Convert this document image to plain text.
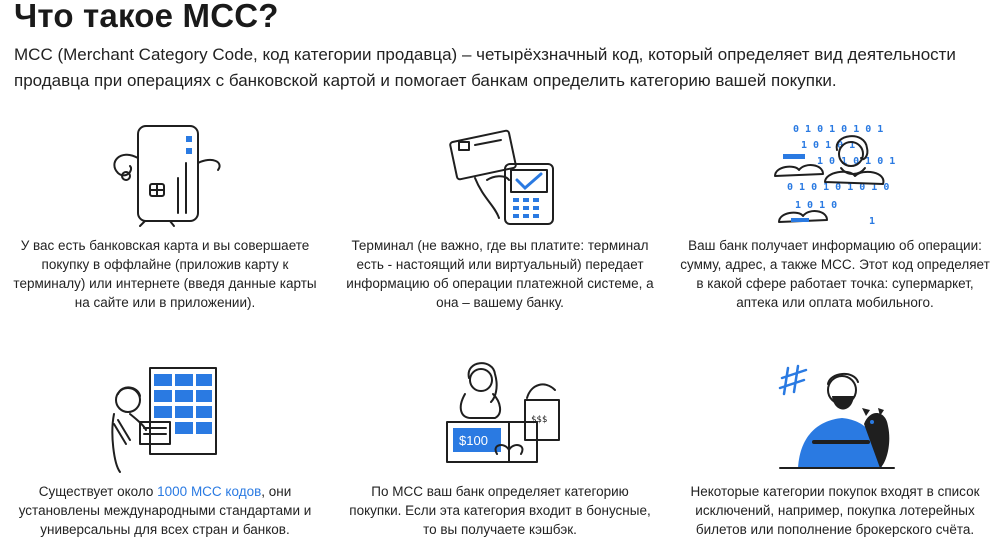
Что такое МСС?

MCC (Merchant Category Code, код категории продавца) – четырёхзначный код, который определяет вид деятельности продавца при операциях с банковской картой и помогает банкам определить категорию вашей покупки.

У вас есть банковская карта и вы совершаете покупку в оффлайне (приложив карту к терминалу) или интернете (введя данные карты на сайте или в приложении).

Терминал (не важно, где вы платите: терминал есть - настоящий или виртуальный) передает информацию об операции платежной системе, а она – вашему банку.

0 1 0 1 0 1 0 1
1 0 1 0 1
1 0 1 0 1 0 1
0 1 0 1 0 1 0 1 0
1 0 1 0
1

Ваш банк получает информацию об операции: сумму, адрес, а также MCC. Этот код определяет в какой сфере работает точка: супермаркет, аптека или оплата мобильного.

Существует около 1000 MCC кодов, они установлены международными стандартами и универсальны для всех стран и банков.

$$$
$100

По MCC ваш банк определяет категорию покупки. Если эта категория входит в бонусные, то вы получаете кэшбэк.

Некоторые категории покупок входят в список исключений, например, покупка лотерейных билетов или пополнение брокерского счёта.
